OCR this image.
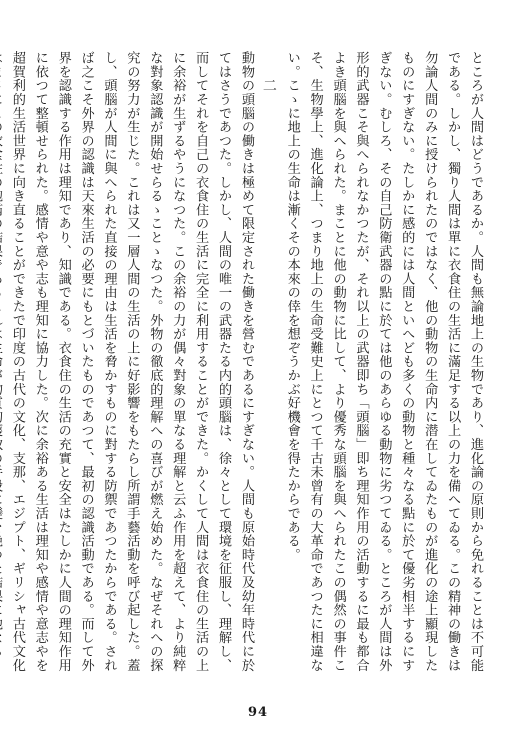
ところが人間はどうであるか。人間も無論地上の生物であり、進化論の原則から免れることは不可能である。しかし、獨り人間は單に衣食住の生活に滿足する以上の力を備へてゐる。この精神の働きは勿論人間のみに授けられたのではなく、他の動物の生命内に潜在してゐたものが進化の途上顯現したものにすぎない。たしかに感的には人間といへども多くの動物と種々なる點に於て優劣相半するにすぎない。むしろ、その自己防衛武器の點に於ては他のあらゆる動物に劣つてゐる。ところが人間は外形的武器こそ與へられなかつたが、それ以上の武器即ち「頭腦」即ち理知作用の活動するに最も都合よき頭腦を與へられた。まことに他の動物に比して、より優秀な頭腦を與へられたこの偶然の事件こそ、生物學上、進化論上、つまり地上の生命受難史上にとつて千古未曾有の大革命であつたに相違ない。こゝに地上の生命は漸くその本來の倖を想ぞうかぶ好機會を得たからである。

二

動物の頭腦の働きは極めて限定された働きを營むであるにすぎない。人間も原始時代及幼年時代に於てはさうであつた。しかし、人間の唯一の武器たる内的頭腦は、徐々として環境を征服し、理解し、而してそれを自己の衣食住の生活に完全に利用することができた。かくして人間は衣食住の生活の上に余裕が生ずるやうになつた。この余裕の力が偶々對象の單なる理解と云ふ作用を超えて、より純粹な對象認識が開始せらるゝことゝなつた。外物の徹底的理解への喜びが燃え始めた。なぜそれへの探究の努力が生じた。これは又一層人間の生活の上に好影響をもたらし所謂手藝活動を呼び起した。蓋し、頭腦が人間に與へられた直接の理由は生活を脅かすものに對する防禦であつたからである。されば之こそ外界の認識は天來生活の必要にもとづいたものであつて、最初の認識活動である。而して外界を認識する作用は理知であり、知識である。衣食住の生活の充實と安全はたしかに人間の理知作用に依つて整頓せられた。感情や意や志も理知に協力した。次に余裕ある生活は理知や感情や意志やを超賀利的生活世界に向き直ることができたで印度の古代の文化、支那、エジプト、ギリシャ古代文化

94
